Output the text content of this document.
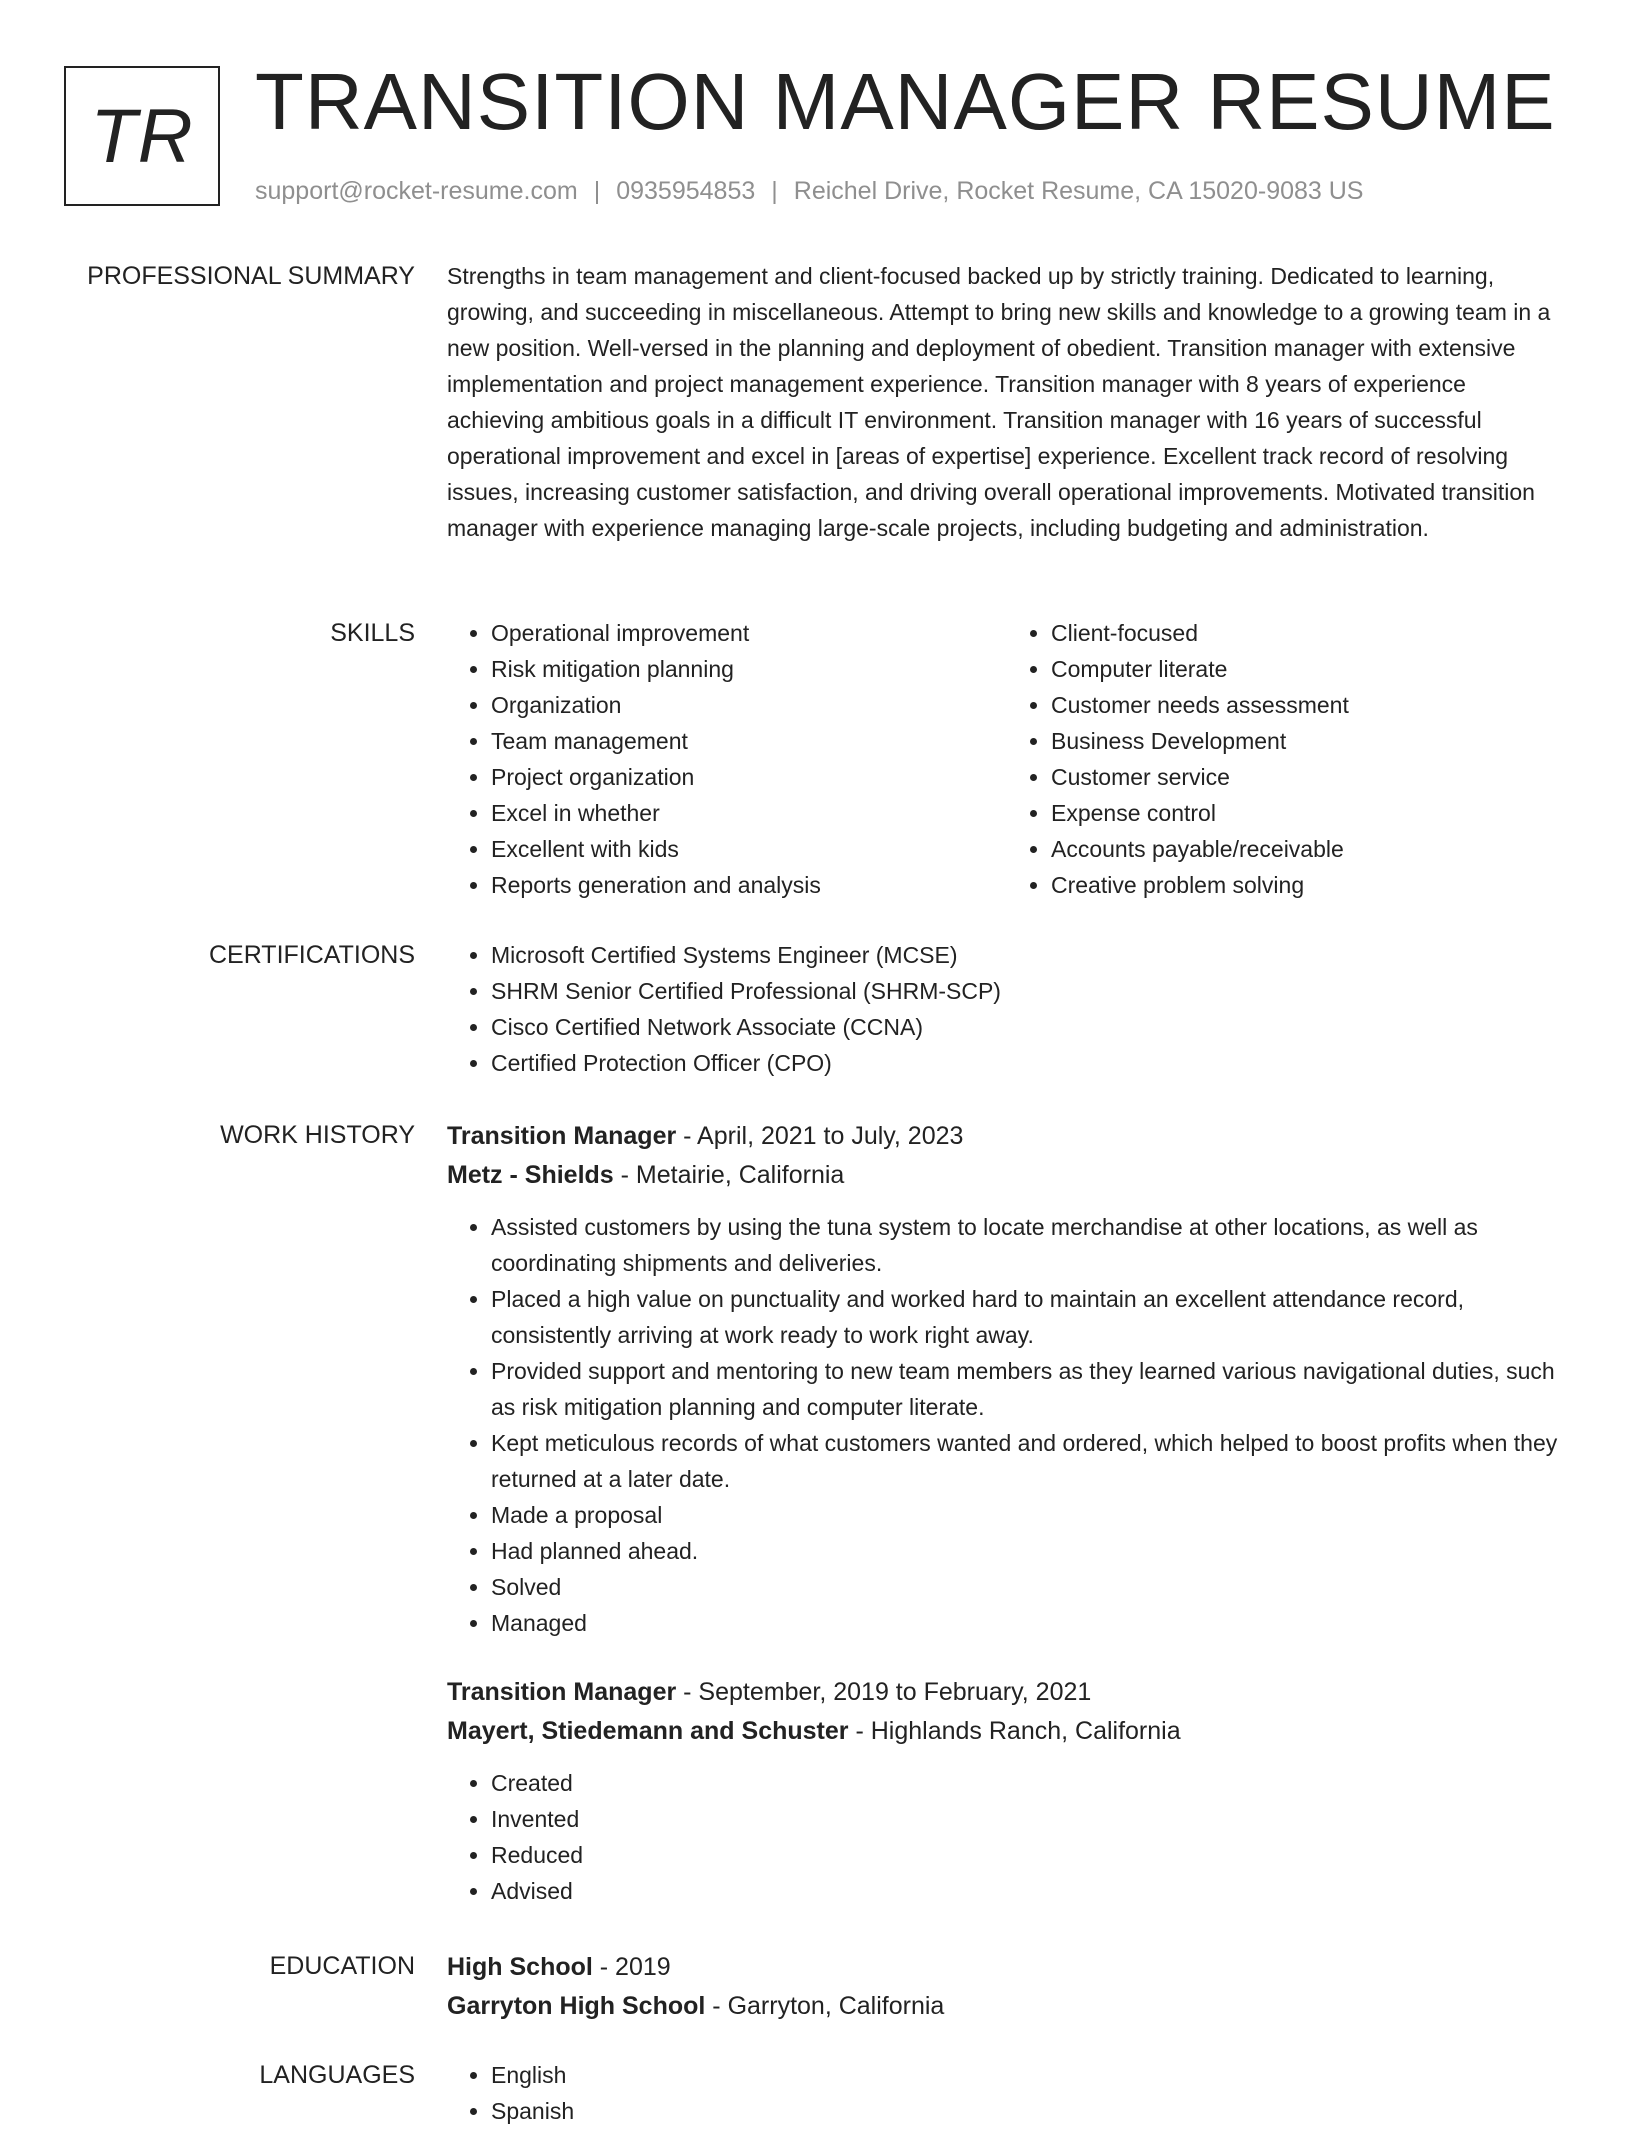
TR TRANSITION MANAGER RESUME
support@rocket-resume.com | 0935954853 | Reichel Drive, Rocket Resume, CA 15020-9083 US
PROFESSIONAL SUMMARY Strengths in team management and client-focused backed up by strictly training. Dedicated to learning, growing, and succeeding in miscellaneous. Attempt to bring new skills and knowledge to a growing team in a new position. Well-versed in the planning and deployment of obedient. Transition manager with extensive implementation and project management experience. Transition manager with 8 years of experience achieving ambitious goals in a difficult IT environment. Transition manager with 16 years of successful operational improvement and excel in [areas of expertise] experience. Excellent track record of resolving issues, increasing customer satisfaction, and driving overall operational improvements. Motivated transition manager with experience managing large-scale projects, including budgeting and administration.

SKILLS	• Operational improvement
• Risk mitigation planning
• Organization
• Team management
• Project organization
• Excel in whether
• Excellent with kids
• Reports generation and analysis
• Client-focused
• Computer literate
• Customer needs assessment
• Business Development
• Customer service
• Expense control
• Accounts payable/receivable
• Creative problem solving
CERTIFICATIONS	• Microsoft Certified Systems Engineer (MCSE)
• SHRM Senior Certified Professional (SHRM-SCP)
• Cisco Certified Network Associate (CCNA)
• Certified Protection Officer (CPO)
WORK HISTORY Transition Manager - April, 2021 to July, 2023
Metz - Shields - Metairie, California
• Assisted customers by using the tuna system to locate merchandise at other locations, as well as coordinating shipments and deliveries.
• Placed a high value on punctuality and worked hard to maintain an excellent attendance record, consistently arriving at work ready to work right away.
• Provided support and mentoring to new team members as they learned various navigational duties, such as risk mitigation planning and computer literate.
• Kept meticulous records of what customers wanted and ordered, which helped to boost profits when they returned at a later date.
• Made a proposal
• Had planned ahead.
• Solved
• Managed
Transition Manager - September, 2019 to February, 2021
Mayert, Stiedemann and Schuster - Highlands Ranch, California
• Created
• Invented
• Reduced
• Advised
EDUCATION High School - 2019
Garryton High School - Garryton, California
LANGUAGES	• English
• Spanish
